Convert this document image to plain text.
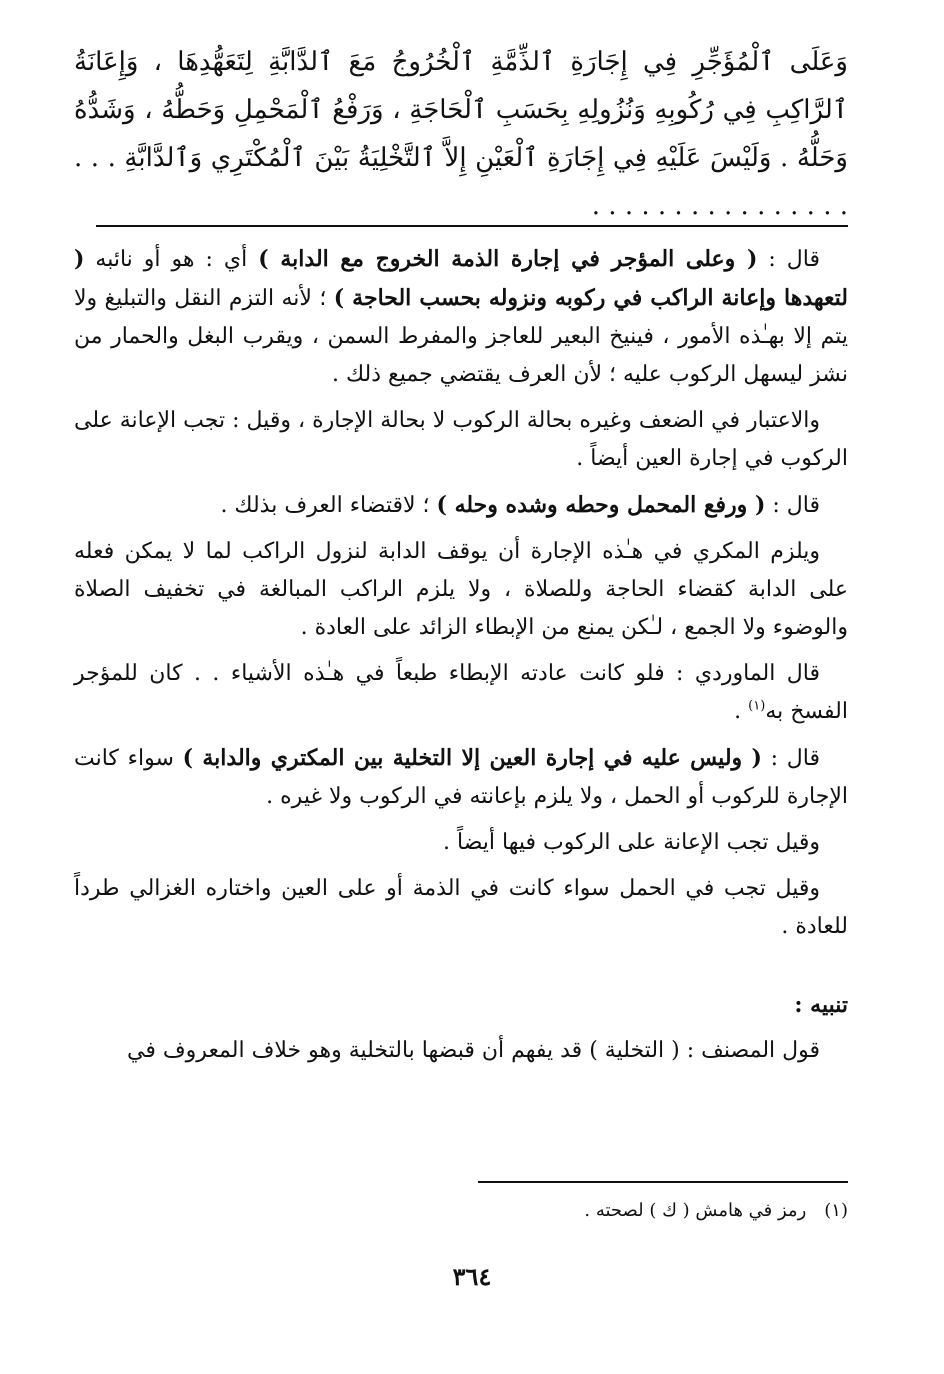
وَعَلَى ٱلْمُؤَجِّرِ فِي إِجَارَةِ ٱلذِّمَّةِ ٱلْخُرُوجُ مَعَ ٱلدَّابَّةِ لِتَعَهُّدِهَا ، وَإِعَانَةُ ٱلرَّاكِبِ فِي رُكُوبِهِ وَنُزُولِهِ بِحَسَبِ ٱلْحَاجَةِ ، وَرَفْعُ ٱلْمَحْمِلِ وَحَطُّهُ ، وَشَدُّهُ وَحَلُّهُ . وَلَيْسَ عَلَيْهِ فِي إِجَارَةِ ٱلْعَيْنِ إِلاَّ ٱلتَّخْلِيَةُ بَيْنَ ٱلْمُكْتَرِي وَٱلدَّابَّةِ . . . . . . . . . . . . . . . . . . .

قال : ( وعلى المؤجر في إجارة الذمة الخروج مع الدابة ) أي : هو أو نائبه ( لتعهدها وإعانة الراكب في ركوبه ونزوله بحسب الحاجة ) ؛ لأنه التزم النقل والتبليغ ولا يتم إلا بهـٰذه الأمور ، فينيخ البعير للعاجز والمفرط السمن ، ويقرب البغل والحمار من نشز ليسهل الركوب عليه ؛ لأن العرف يقتضي جميع ذلك .

والاعتبار في الضعف وغيره بحالة الركوب لا بحالة الإجارة ، وقيل : تجب الإعانة على الركوب في إجارة العين أيضاً .

قال : ( ورفع المحمل وحطه وشده وحله ) ؛ لاقتضاء العرف بذلك .

ويلزم المكري في هـٰذه الإجارة أن يوقف الدابة لنزول الراكب لما لا يمكن فعله على الدابة كقضاء الحاجة وللصلاة ، ولا يلزم الراكب المبالغة في تخفيف الصلاة والوضوء ولا الجمع ، لـٰكن يمنع من الإبطاء الزائد على العادة .

قال الماوردي : فلو كانت عادته الإبطاء طبعاً في هـٰذه الأشياء . . كان للمؤجر الفسخ به$^{(١)}$ .

قال : ( وليس عليه في إجارة العين إلا التخلية بين المكتري والدابة ) سواء كانت الإجارة للركوب أو الحمل ، ولا يلزم بإعانته في الركوب ولا غيره .

وقيل تجب الإعانة على الركوب فيها أيضاً .

وقيل تجب في الحمل سواء كانت في الذمة أو على العين واختاره الغزالي طرداً للعادة .

تنبيه :

قول المصنف : ( التخلية ) قد يفهم أن قبضها بالتخلية وهو خلاف المعروف في

(١)رمز في هامش ( ك ) لصحته .
٣٦٤
